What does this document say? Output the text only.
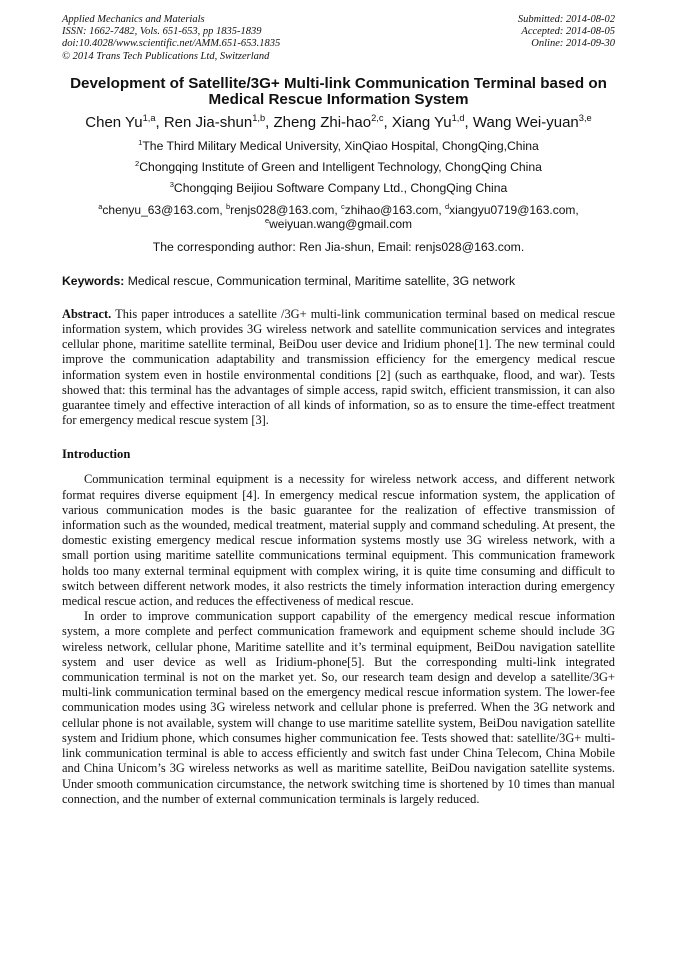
Applied Mechanics and Materials
ISSN: 1662-7482, Vols. 651-653, pp 1835-1839
doi:10.4028/www.scientific.net/AMM.651-653.1835
© 2014 Trans Tech Publications Ltd, Switzerland
Submitted: 2014-08-02
Accepted: 2014-08-05
Online: 2014-09-30
Development of Satellite/3G+ Multi-link Communication Terminal based on Medical Rescue Information System
Chen Yu$^{1,a}$, Ren Jia-shun$^{1,b}$, Zheng Zhi-hao$^{2,c}$, Xiang Yu$^{1,d}$, Wang Wei-yuan$^{3,e}$
$^1$The Third Military Medical University, XinQiao Hospital, ChongQing,China
$^2$Chongqing Institute of Green and Intelligent Technology, ChongQing China
$^3$Chongqing Beijiou Software Company Ltd., ChongQing China
$^a$chenyu_63@163.com, $^b$renjs028@163.com, $^c$zhihao@163.com, $^d$xiangyu0719@163.com,
$^e$weiyuan.wang@gmail.com
The corresponding author: Ren Jia-shun, Email: renjs028@163.com.
Keywords: Medical rescue, Communication terminal, Maritime satellite, 3G network
Abstract. This paper introduces a satellite /3G+ multi-link communication terminal based on medical rescue information system, which provides 3G wireless network and satellite communication services and integrates cellular phone, maritime satellite terminal, BeiDou user device and Iridium phone[1]. The new terminal could improve the communication adaptability and transmission efficiency for the emergency medical rescue information system even in hostile environmental conditions [2] (such as earthquake, flood, and war). Tests showed that: this terminal has the advantages of simple access, rapid switch, efficient transmission, it can also guarantee timely and effective interaction of all kinds of information, so as to ensure the time-effect treatment for emergency medical rescue system [3].
Introduction
Communication terminal equipment is a necessity for wireless network access, and different network format requires diverse equipment [4]. In emergency medical rescue information system, the application of various communication modes is the basic guarantee for the realization of effective transmission of information such as the wounded, medical treatment, material supply and command scheduling. At present, the domestic existing emergency medical rescue information systems mostly use 3G wireless network, with a small portion using maritime satellite communications terminal equipment. This communication framework holds too many external terminal equipment with complex wiring, it is quite time consuming and difficult to switch between different network modes, it also restricts the timely information interaction during emergency medical rescue action, and reduces the effectiveness of medical rescue.
In order to improve communication support capability of the emergency medical rescue information system, a more complete and perfect communication framework and equipment scheme should include 3G wireless network, cellular phone, Maritime satellite and it’s terminal equipment, BeiDou navigation satellite system and user device as well as Iridium-phone[5]. But the corresponding multi-link integrated communication terminal is not on the market yet. So, our research team design and develop a satellite/3G+ multi-link communication terminal based on the emergency medical rescue information system. The lower-fee communication modes using 3G wireless network and cellular phone is preferred. When the 3G network and cellular phone is not available, system will change to use maritime satellite system, BeiDou navigation satellite system and Iridium phone, which consumes higher communication fee. Tests showed that: satellite/3G+ multi-link communication terminal is able to access efficiently and switch fast under China Telecom, China Mobile and China Unicom’s 3G wireless networks as well as maritime satellite, BeiDou navigation satellite systems. Under smooth communication circumstance, the network switching time is shortened by 10 times than manual connection, and the number of external communication terminals is largely reduced.
